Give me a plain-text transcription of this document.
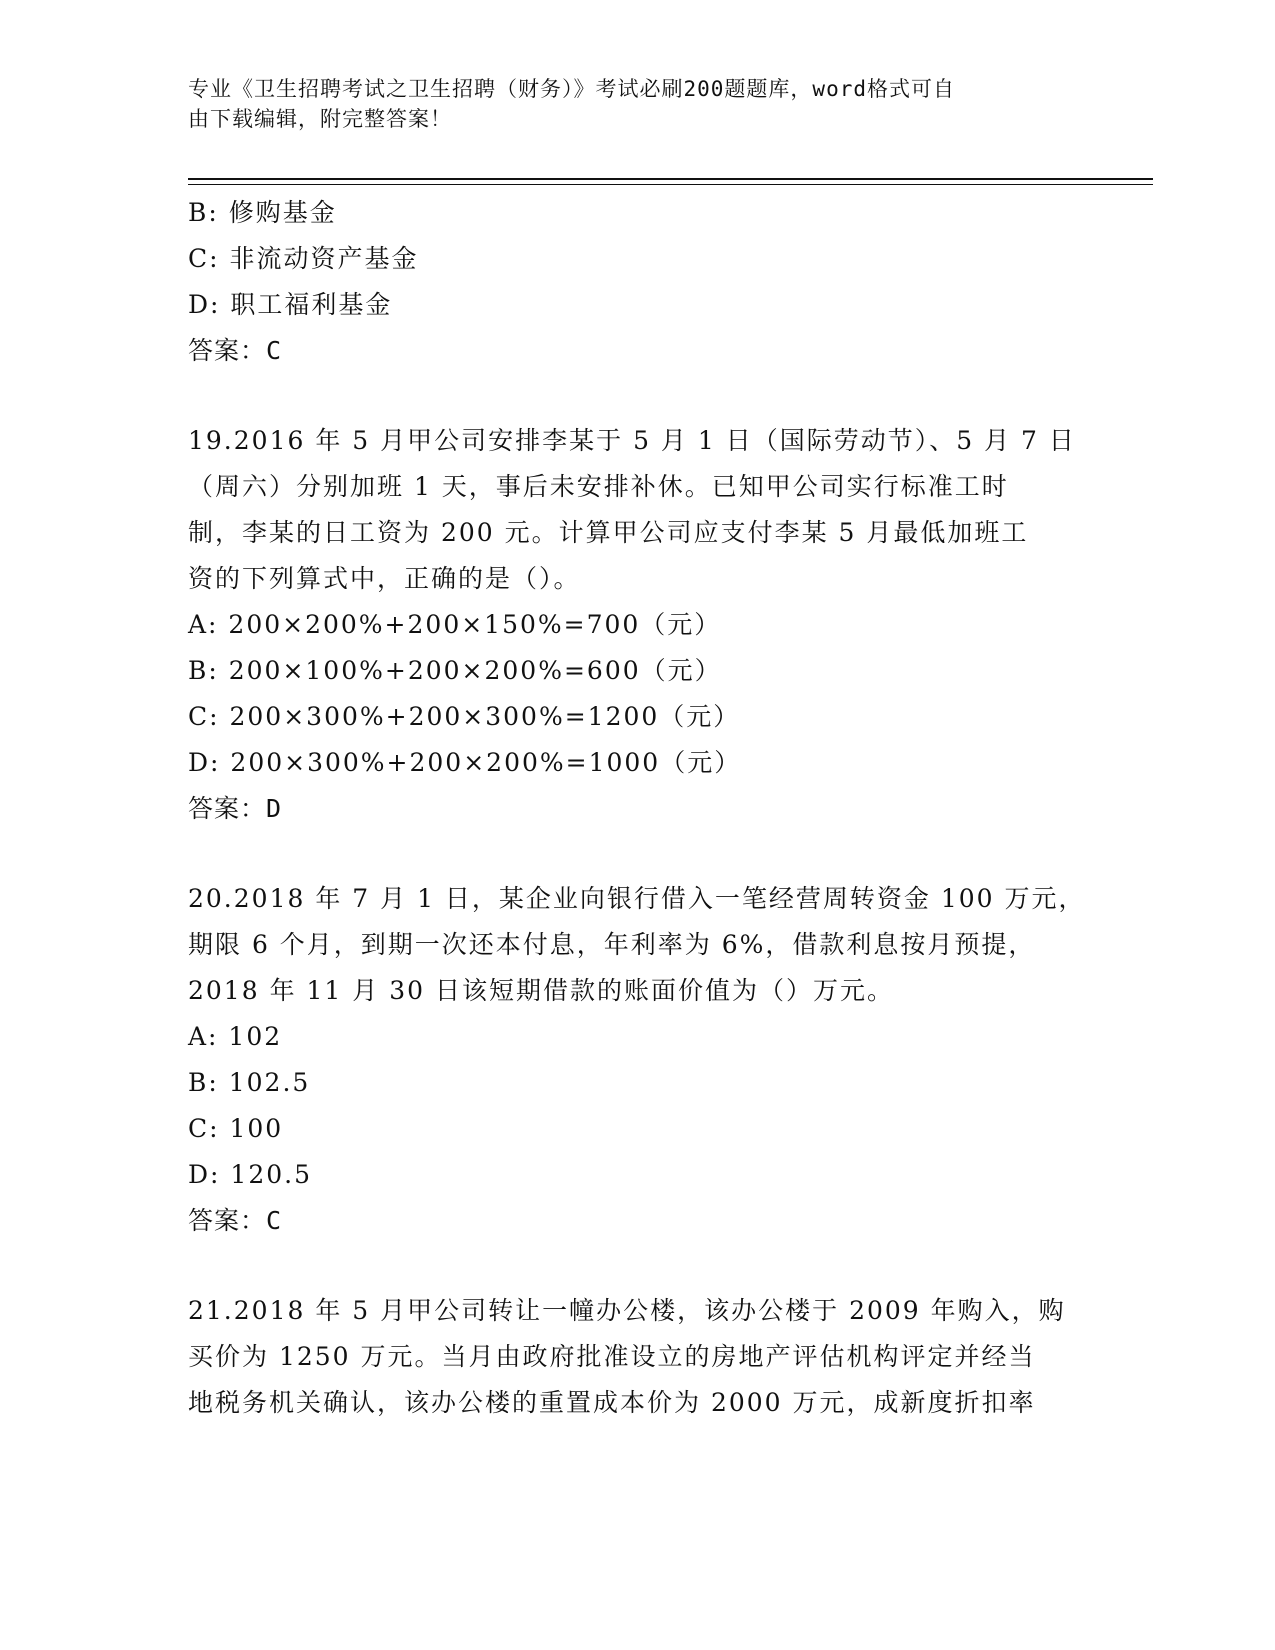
专业《卫生招聘考试之卫生招聘（财务）》考试必刷200题题库，word格式可自
由下载编辑，附完整答案！

B: 修购基金

C: 非流动资产基金

D: 职工福利基金

答案：C

19.2016 年 5 月甲公司安排李某于 5 月 1 日（国际劳动节）、5 月 7 日

（周六）分别加班 1 天，事后未安排补休。已知甲公司实行标准工时

制，李某的日工资为 200 元。计算甲公司应支付李某 5 月最低加班工

资的下列算式中，正确的是（）。

A: 200×200%+200×150%=700（元）

B: 200×100%+200×200%=600（元）

C: 200×300%+200×300%=1200（元）

D: 200×300%+200×200%=1000（元）

答案：D

20.2018 年 7 月 1 日，某企业向银行借入一笔经营周转资金 100 万元，

期限 6 个月，到期一次还本付息，年利率为 6%，借款利息按月预提，

2018 年 11 月 30 日该短期借款的账面价值为（）万元。

A: 102

B: 102.5

C: 100

D: 120.5

答案：C

21.2018 年 5 月甲公司转让一幢办公楼，该办公楼于 2009 年购入，购

买价为 1250 万元。当月由政府批准设立的房地产评估机构评定并经当

地税务机关确认，该办公楼的重置成本价为 2000 万元，成新度折扣率
